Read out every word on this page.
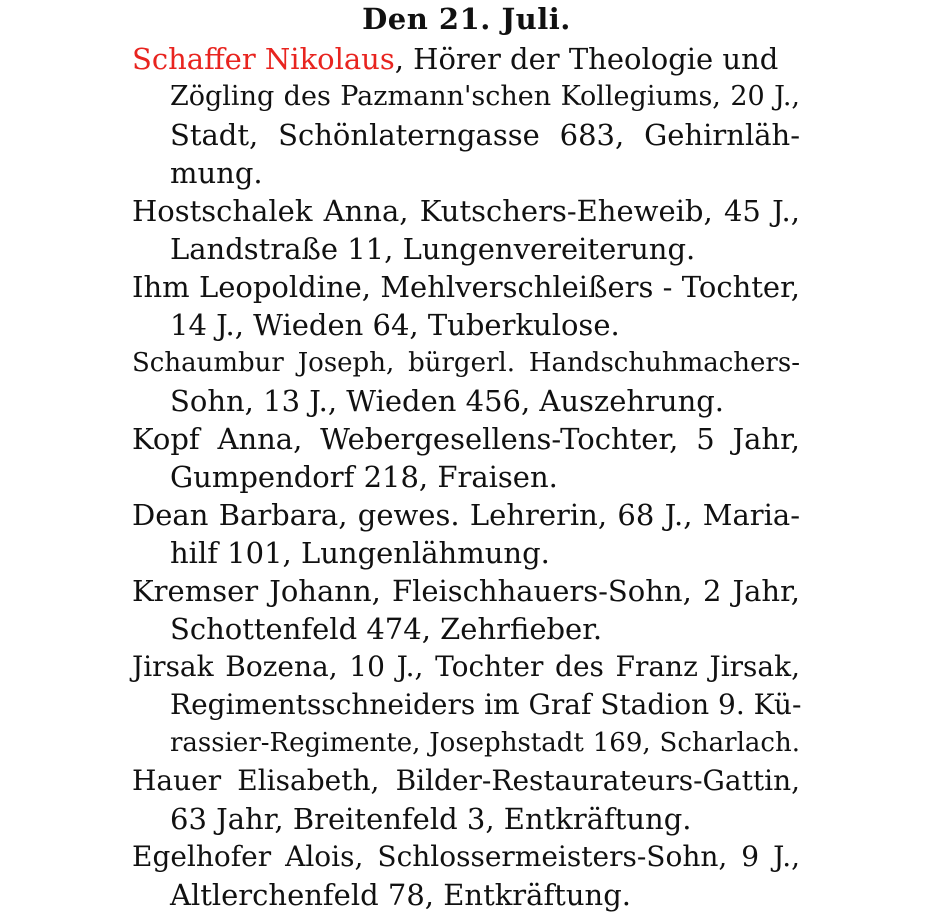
Den 21. Juli.
Schaffer Nikolaus, Hörer der Theologie und
Zögling des Pazmann'schen Kollegiums, 20 J.,
Stadt, Schönlaterngasse 683, Gehirnläh-
mung.
Hostschalek Anna, Kutschers-Eheweib, 45 J.,
Landstraße 11, Lungenvereiterung.
Ihm Leopoldine, Mehlverschleißers - Tochter,
14 J., Wieden 64, Tuberkulose.
Schaumbur Joseph, bürgerl. Handschuhmachers-
Sohn, 13 J., Wieden 456, Auszehrung.
Kopf Anna, Webergesellens-Tochter, 5 Jahr,
Gumpendorf 218, Fraisen.
Dean Barbara, gewes. Lehrerin, 68 J., Maria-
hilf 101, Lungenlähmung.
Kremser Johann, Fleischhauers-Sohn, 2 Jahr,
Schottenfeld 474, Zehrfieber.
Jirsak Bozena, 10 J., Tochter des Franz Jirsak,
Regimentsschneiders im Graf Stadion 9. Kü-
rassier-Regimente, Josephstadt 169, Scharlach.
Hauer Elisabeth, Bilder-Restaurateurs-Gattin,
63 Jahr, Breitenfeld 3, Entkräftung.
Egelhofer Alois, Schlossermeisters-Sohn, 9 J.,
Altlerchenfeld 78, Entkräftung.
